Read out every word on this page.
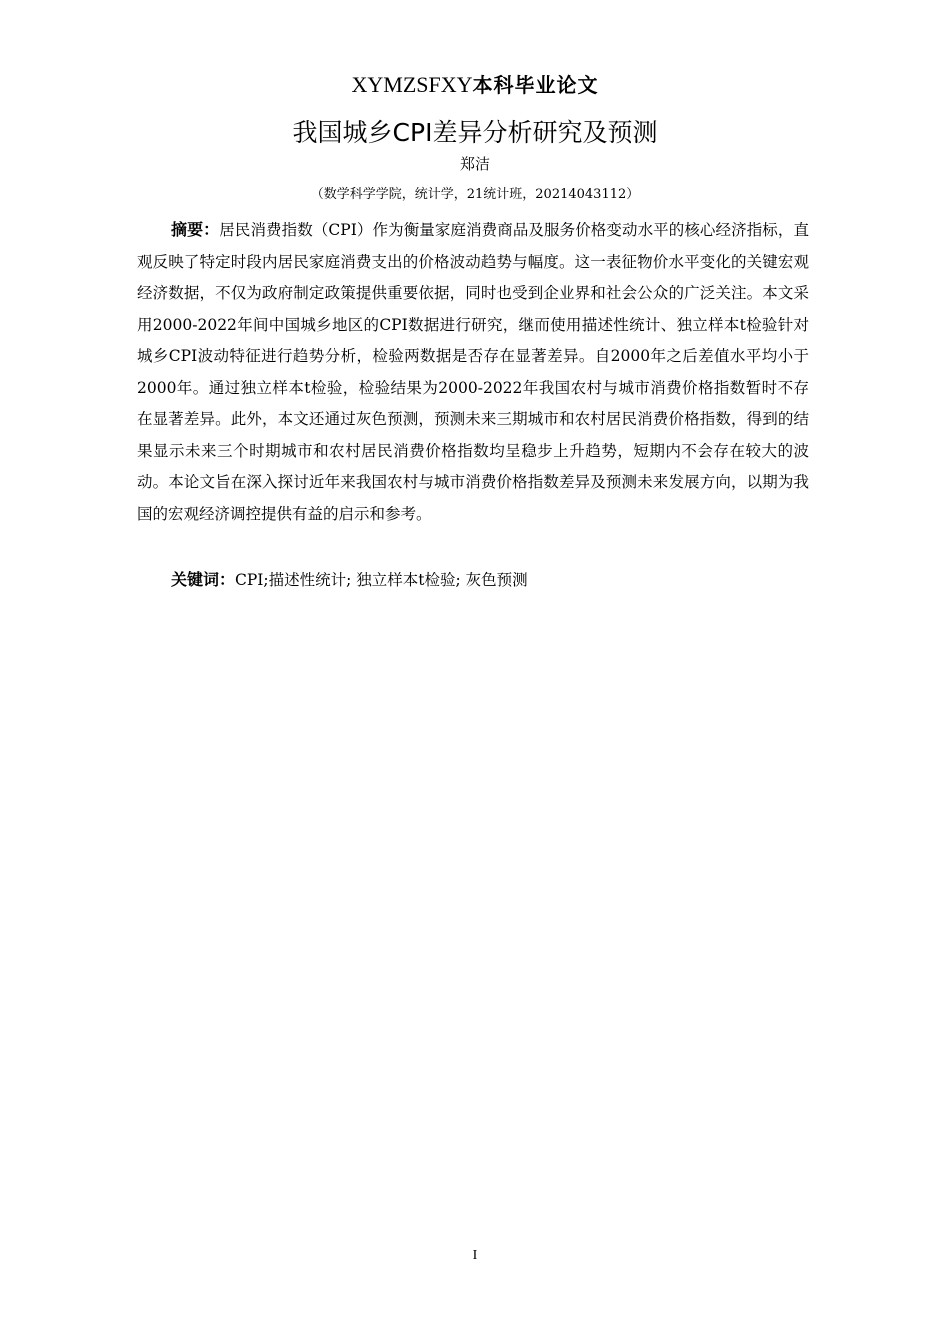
XYMZSFXY本科毕业论文
我国城乡CPI差异分析研究及预测
郑洁
（数学科学学院，统计学，21统计班，20214043112）

摘要：居民消费指数（CPI）作为衡量家庭消费商品及服务价格变动水平的核心经济指标，直观反映了特定时段内居民家庭消费支出的价格波动趋势与幅度。这一表征物价水平变化的关键宏观经济数据，不仅为政府制定政策提供重要依据，同时也受到企业界和社会公众的广泛关注。本文采用2000-2022年间中国城乡地区的CPI数据进行研究，继而使用描述性统计、独立样本t检验针对城乡CPI波动特征进行趋势分析，检验两数据是否存在显著差异。自2000年之后差值水平均小于2000年。通过独立样本t检验，检验结果为2000-2022年我国农村与城市消费价格指数暂时不存在显著差异。此外，本文还通过灰色预测，预测未来三期城市和农村居民消费价格指数，得到的结果显示未来三个时期城市和农村居民消费价格指数均呈稳步上升趋势，短期内不会存在较大的波动。本论文旨在深入探讨近年来我国农村与城市消费价格指数差异及预测未来发展方向，以期为我国的宏观经济调控提供有益的启示和参考。

关键词：CPI;描述性统计; 独立样本t检验; 灰色预测
I
